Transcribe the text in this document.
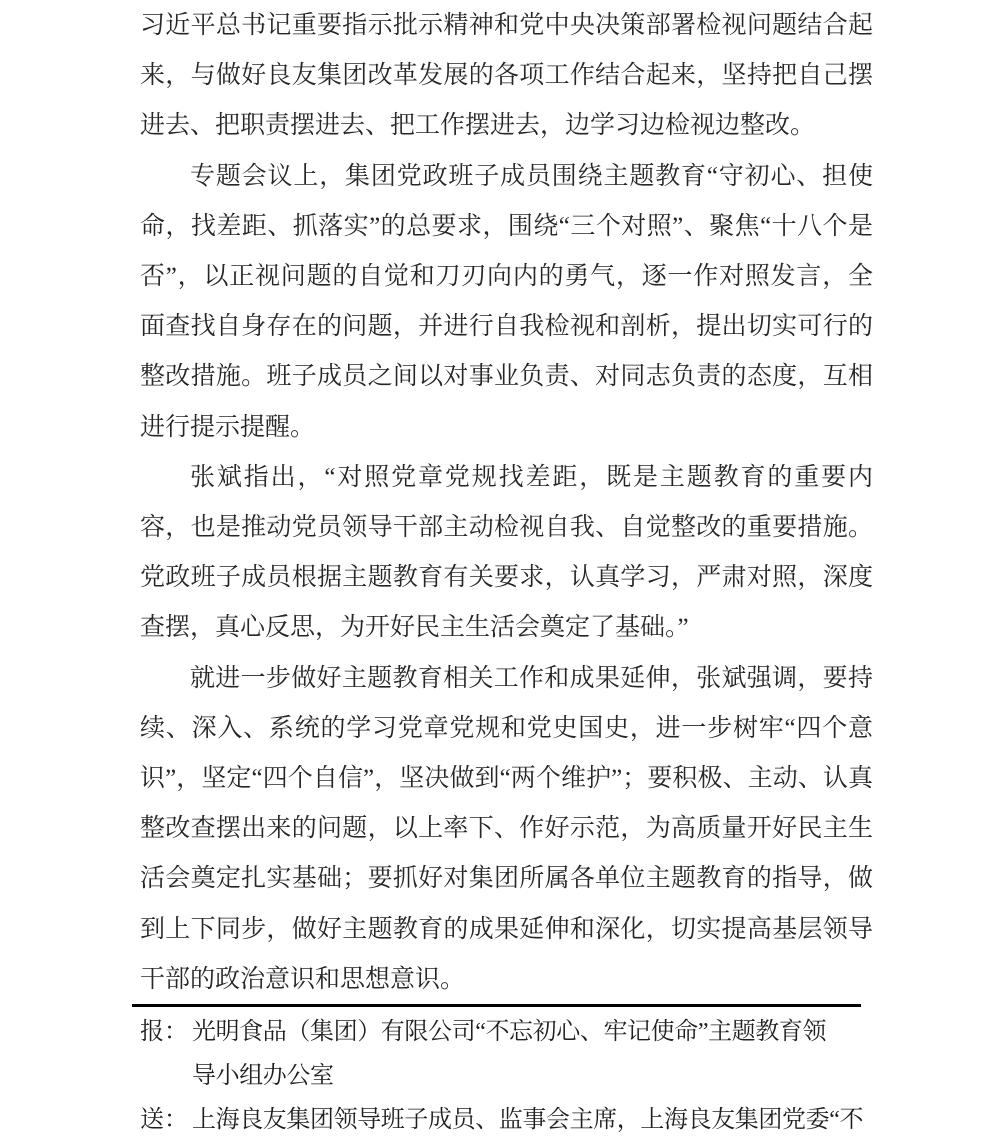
习近平总书记重要指示批示精神和党中央决策部署检视问题结合起来，与做好良友集团改革发展的各项工作结合起来，坚持把自己摆进去、把职责摆进去、把工作摆进去，边学习边检视边整改。

专题会议上，集团党政班子成员围绕主题教育“守初心、担使命，找差距、抓落实”的总要求，围绕“三个对照”、聚焦“十八个是否”，以正视问题的自觉和刀刃向内的勇气，逐一作对照发言，全面查找自身存在的问题，并进行自我检视和剖析，提出切实可行的整改措施。班子成员之间以对事业负责、对同志负责的态度，互相进行提示提醒。

张斌指出，“对照党章党规找差距，既是主题教育的重要内容，也是推动党员领导干部主动检视自我、自觉整改的重要措施。党政班子成员根据主题教育有关要求，认真学习，严肃对照，深度查摆，真心反思，为开好民主生活会奠定了基础。”

就进一步做好主题教育相关工作和成果延伸，张斌强调，要持续、深入、系统的学习党章党规和党史国史，进一步树牢“四个意识”，坚定“四个自信”，坚决做到“两个维护”；要积极、主动、认真整改查摆出来的问题，以上率下、作好示范，为高质量开好民主生活会奠定扎实基础；要抓好对集团所属各单位主题教育的指导，做到上下同步，做好主题教育的成果延伸和深化，切实提高基层领导干部的政治意识和思想意识。

报： 光明食品（集团）有限公司“不忘初心、牢记使命”主题教育领
导小组办公室
送： 上海良友集团领导班子成员、监事会主席，上海良友集团党委“不
